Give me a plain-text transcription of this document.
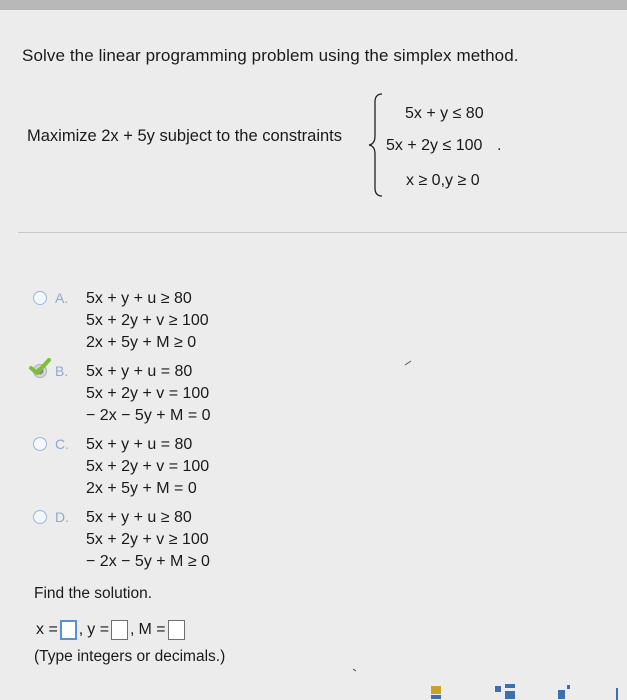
Solve the linear programming problem using the simplex method.
Maximize 2x + 5y subject to the constraints
5x + y ≤ 80
5x + 2y ≤ 100
x ≥ 0,y ≥ 0
.
A. 5x + y + u ≥ 80
5x + 2y + v ≥ 100
2x + 5y + M ≥ 0
B. 5x + y + u = 80
5x + 2y + v = 100
− 2x − 5y + M = 0
C. 5x + y + u = 80
5x + 2y + v = 100
2x + 5y + M = 0
D. 5x + y + u ≥ 80
5x + 2y + v ≥ 100
− 2x − 5y + M ≥ 0
Find the solution.
x = , y = , M =
(Type integers or decimals.)
